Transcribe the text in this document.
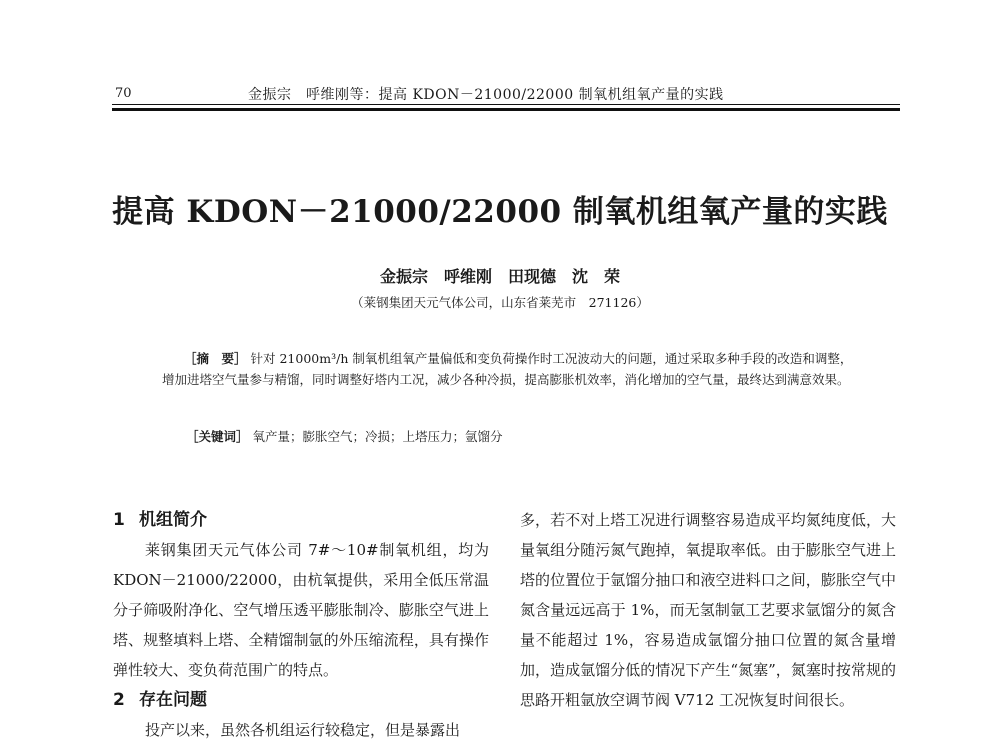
70	金振宗　呼维刚等：提高 KDON－21000/22000 制氧机组氧产量的实践
提高 KDON－21000/22000 制氧机组氧产量的实践
金振宗　呼维刚　田现德　沈　荣
（莱钢集团天元气体公司，山东省莱芜市　271126）
［摘　要］ 针对 21000m³/h 制氧机组氧产量偏低和变负荷操作时工况波动大的问题，通过采取多种手段的改造和调整，增加进塔空气量参与精馏，同时调整好塔内工况，减少各种冷损，提高膨胀机效率，消化增加的空气量，最终达到满意效果。
［关键词］ 氧产量；膨胀空气；冷损；上塔压力；氩馏分
1 机组简介

莱钢集团天元气体公司 7#～10#制氧机组，均为 KDON－21000/22000，由杭氧提供，采用全低压常温分子筛吸附净化、空气增压透平膨胀制冷、膨胀空气进上塔、规整填料上塔、全精馏制氩的外压缩流程，具有操作弹性较大、变负荷范围广的特点。

2 存在问题

投产以来，虽然各机组运行较稳定，但是暴露出

多，若不对上塔工况进行调整容易造成平均氮纯度低，大量氧组分随污氮气跑掉，氧提取率低。由于膨胀空气进上塔的位置位于氩馏分抽口和液空进料口之间，膨胀空气中氮含量远远高于 1%，而无氢制氩工艺要求氩馏分的氮含量不能超过 1%，容易造成氩馏分抽口位置的氮含量增加，造成氩馏分低的情况下产生“氮塞”，氮塞时按常规的思路开粗氩放空调节阀 V712 工况恢复时间很长。
